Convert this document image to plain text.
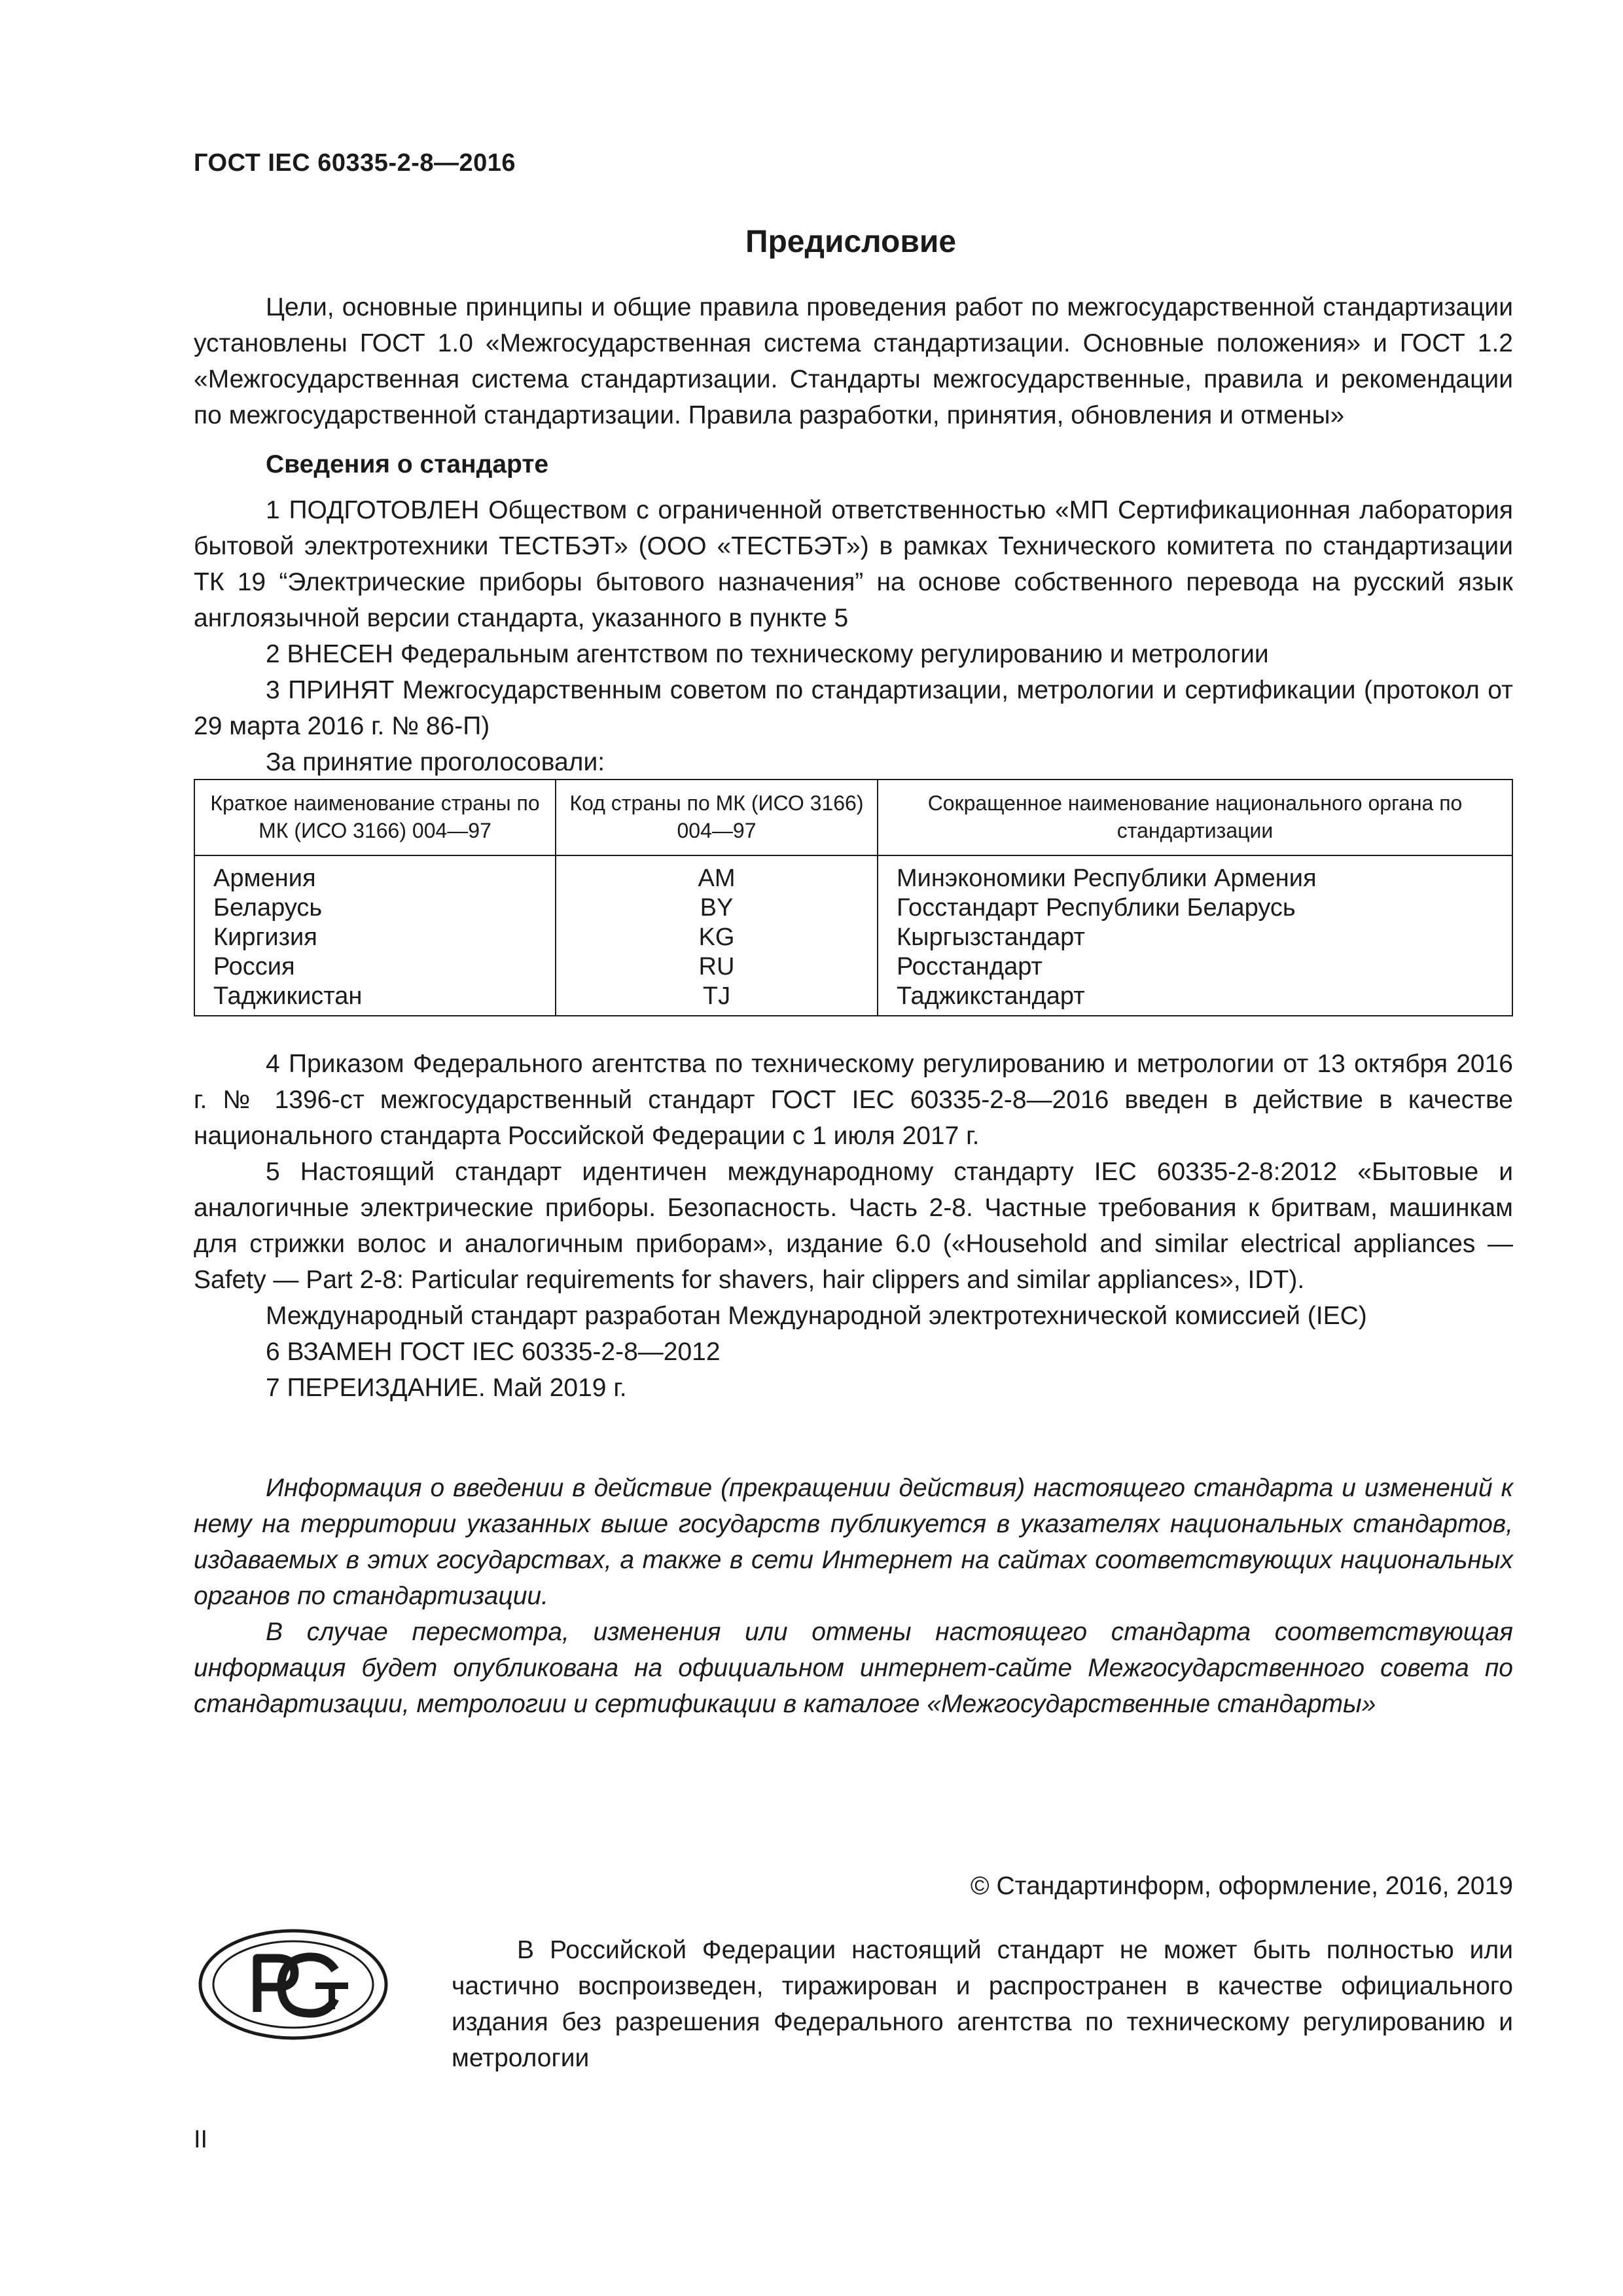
ГОСТ IEC 60335-2-8—2016
Предисловие

Цели, основные принципы и общие правила проведения работ по межгосударственной стандартизации установлены ГОСТ 1.0 «Межгосударственная система стандартизации. Основные положения» и ГОСТ 1.2 «Межгосударственная система стандартизации. Стандарты межгосударственные, правила и рекомендации по межгосударственной стандартизации. Правила разработки, принятия, обновления и отмены»

Сведения о стандарте

1 ПОДГОТОВЛЕН Обществом с ограниченной ответственностью «МП Сертификационная лаборатория бытовой электротехники ТЕСТБЭТ» (ООО «ТЕСТБЭТ») в рамках Технического комитета по стандартизации ТК 19 “Электрические приборы бытового назначения” на основе собственного перевода на русский язык англоязычной версии стандарта, указанного в пункте 5

2 ВНЕСЕН Федеральным агентством по техническому регулированию и метрологии

3 ПРИНЯТ Межгосударственным советом по стандартизации, метрологии и сертификации (протокол от 29 марта 2016 г. № 86-П)

За принятие проголосовали:

Краткое наименование страны по МК (ИСО 3166) 004—97	Код страны по МК (ИСО 3166) 004—97	Сокращенное наименование национального органа по стандартизации
Армения	AM	Минэкономики Республики Армения
Беларусь	BY	Госстандарт Республики Беларусь
Киргизия	KG	Кыргызстандарт
Россия	RU	Росстандарт
Таджикистан	TJ	Таджикстандарт

4 Приказом Федерального агентства по техническому регулированию и метрологии от 13 октября 2016 г. № 1396-ст межгосударственный стандарт ГОСТ IEC 60335-2-8—2016 введен в действие в качестве национального стандарта Российской Федерации с 1 июля 2017 г.

5 Настоящий стандарт идентичен международному стандарту IEC 60335-2-8:2012 «Бытовые и аналогичные электрические приборы. Безопасность. Часть 2-8. Частные требования к бритвам, машинкам для стрижки волос и аналогичным приборам», издание 6.0 («Household and similar electrical appliances — Safety — Part 2-8: Particular requirements for shavers, hair clippers and similar appliances», IDT).

Международный стандарт разработан Международной электротехнической комиссией (IEC)

6 ВЗАМЕН ГОСТ IEC 60335-2-8—2012

7 ПЕРЕИЗДАНИЕ. Май 2019 г.

Информация о введении в действие (прекращении действия) настоящего стандарта и изменений к нему на территории указанных выше государств публикуется в указателях национальных стандартов, издаваемых в этих государствах, а также в сети Интернет на сайтах соответствующих национальных органов по стандартизации.

В случае пересмотра, изменения или отмены настоящего стандарта соответствующая информация будет опубликована на официальном интернет-сайте Межгосударственного совета по стандартизации, метрологии и сертификации в каталоге «Межгосударственные стандарты»

© Стандартинформ, оформление, 2016, 2019

В Российской Федерации настоящий стандарт не может быть полностью или частично воспроизведен, тиражирован и распространен в качестве официального издания без разрешения Федерального агентства по техническому регулированию и метрологии

II
